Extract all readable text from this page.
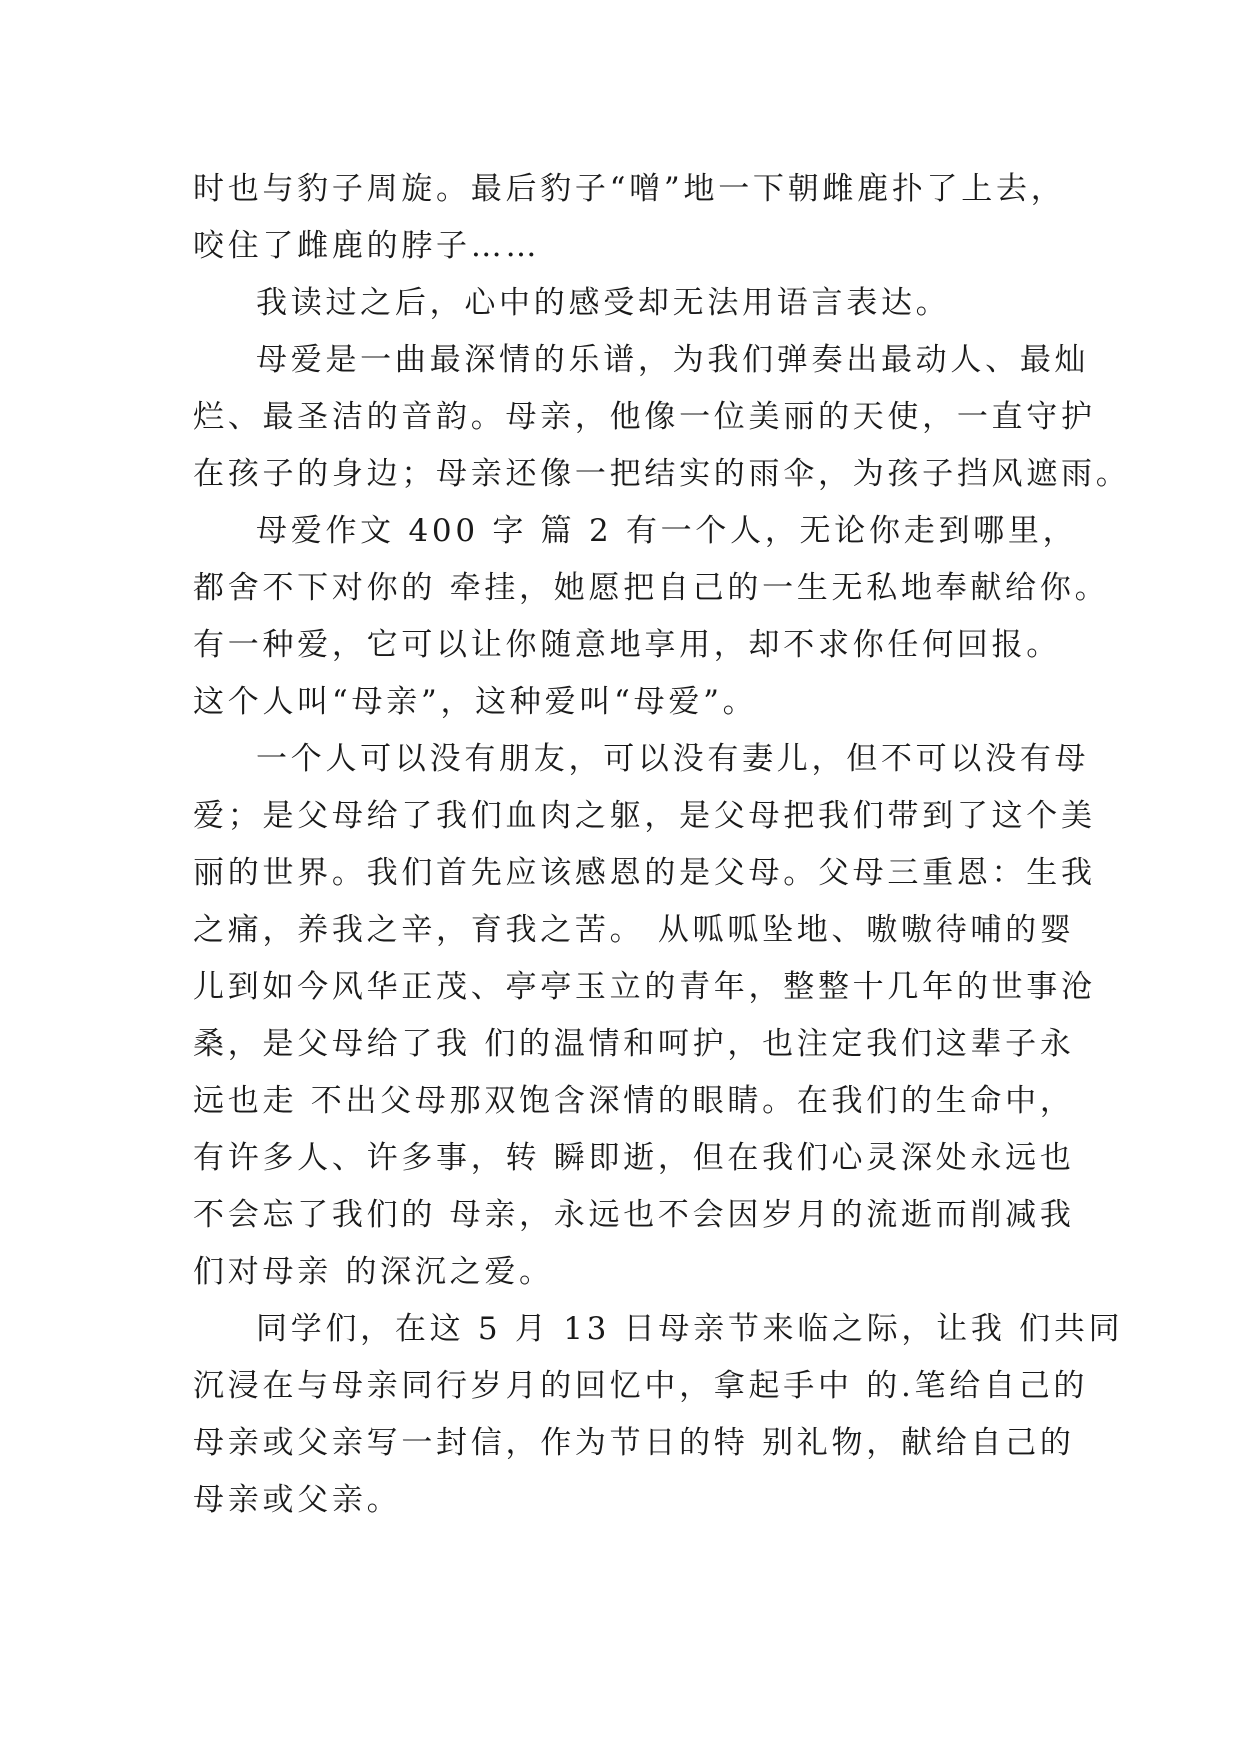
时也与豹子周旋。最后豹子“噌”地一下朝雌鹿扑了上去，
咬住了雌鹿的脖子……
我读过之后，心中的感受却无法用语言表达。
母爱是一曲最深情的乐谱，为我们弹奏出最动人、最灿
烂、最圣洁的音韵。母亲，他像一位美丽的天使，一直守护
在孩子的身边；母亲还像一把结实的雨伞，为孩子挡风遮雨。
母爱作文 400 字 篇 2 有一个人，无论你走到哪里，
都舍不下对你的 牵挂，她愿把自己的一生无私地奉献给你。
有一种爱，它可以让你随意地享用，却不求你任何回报。
这个人叫“母亲”，这种爱叫“母爱”。
一个人可以没有朋友，可以没有妻儿，但不可以没有母
爱；是父母给了我们血肉之躯，是父母把我们带到了这个美
丽的世界。我们首先应该感恩的是父母。父母三重恩：生我
之痛，养我之辛，育我之苦。 从呱呱坠地、嗷嗷待哺的婴
儿到如今风华正茂、亭亭玉立的青年，整整十几年的世事沧
桑，是父母给了我 们的温情和呵护，也注定我们这辈子永
远也走 不出父母那双饱含深情的眼睛。在我们的生命中，
有许多人、许多事，转 瞬即逝，但在我们心灵深处永远也
不会忘了我们的 母亲，永远也不会因岁月的流逝而削减我
们对母亲 的深沉之爱。
同学们，在这 5 月 13 日母亲节来临之际，让我 们共同
沉浸在与母亲同行岁月的回忆中，拿起手中 的.笔给自己的
母亲或父亲写一封信，作为节日的特 别礼物，献给自己的
母亲或父亲。
